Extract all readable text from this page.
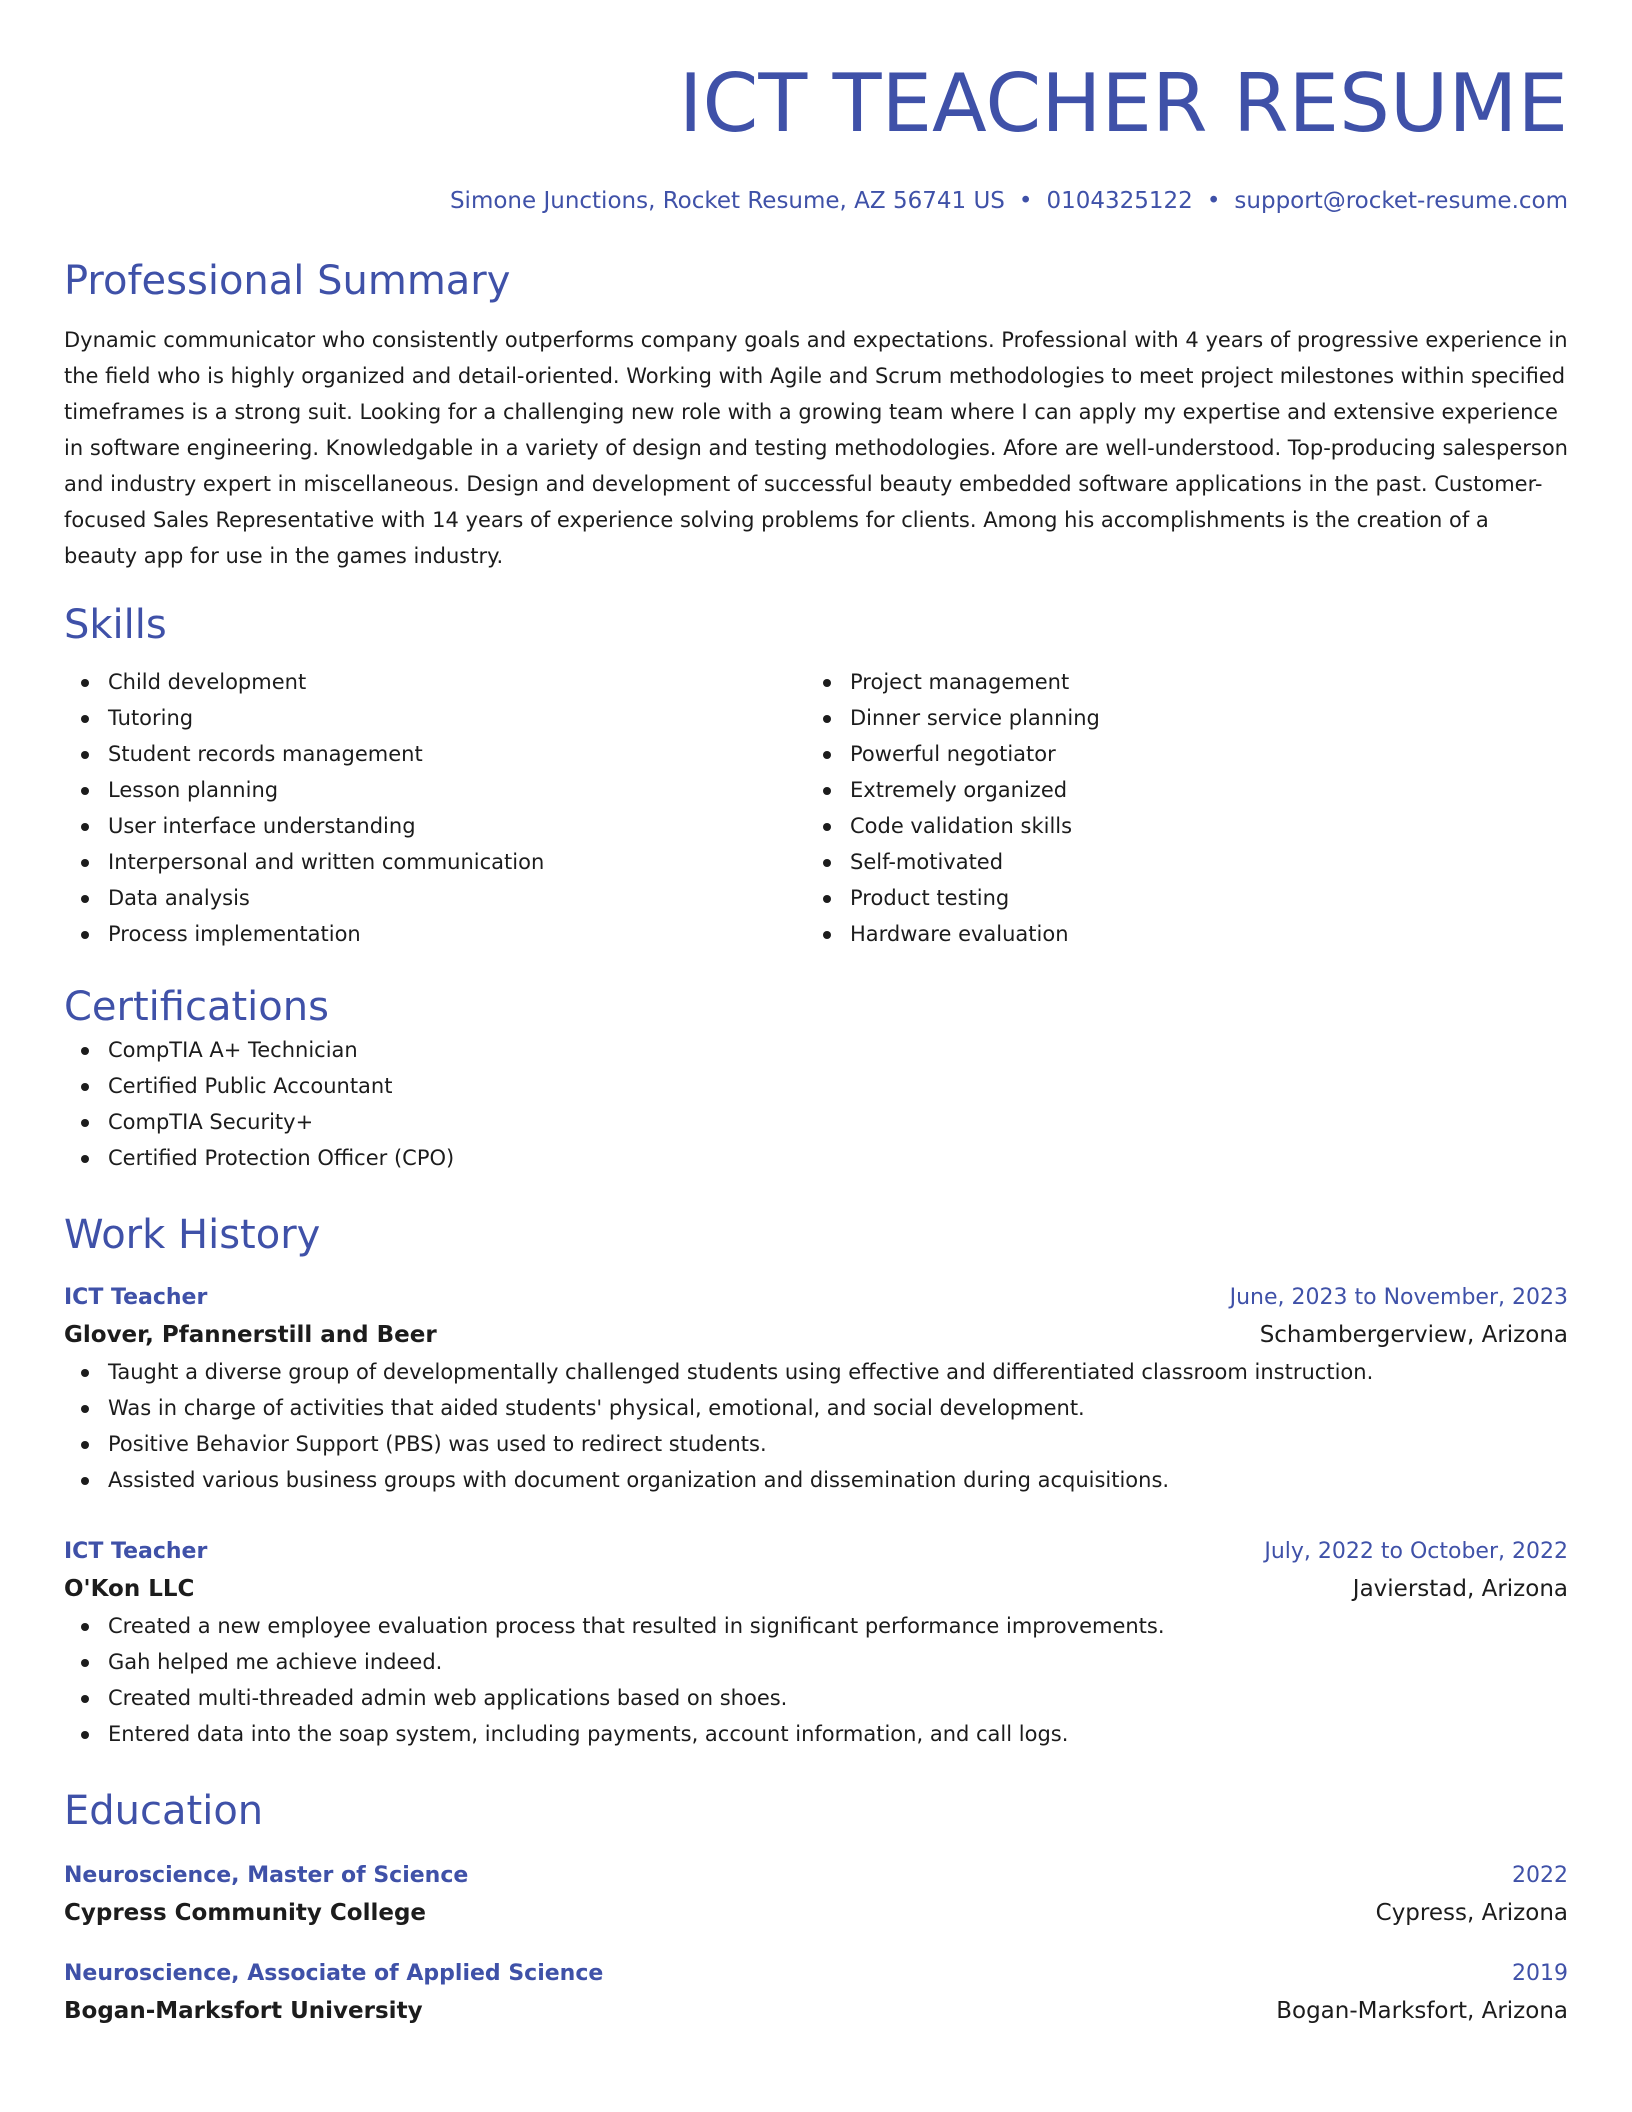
ICT TEACHER RESUME
Simone Junctions, Rocket Resume, AZ 56741 US • 0104325122 • support@rocket-resume.com
Professional Summary
Dynamic communicator who consistently outperforms company goals and expectations. Professional with 4 years of progressive experience in the field who is highly organized and detail-oriented. Working with Agile and Scrum methodologies to meet project milestones within specified timeframes is a strong suit. Looking for a challenging new role with a growing team where I can apply my expertise and extensive experience in software engineering. Knowledgable in a variety of design and testing methodologies. Afore are well-understood. Top-producing salesperson and industry expert in miscellaneous. Design and development of successful beauty embedded software applications in the past. Customer-focused Sales Representative with 14 years of experience solving problems for clients. Among his accomplishments is the creation of a beauty app for use in the games industry.
Skills
Child development
Tutoring
Student records management
Lesson planning
User interface understanding
Interpersonal and written communication
Data analysis
Process implementation
Project management
Dinner service planning
Powerful negotiator
Extremely organized
Code validation skills
Self-motivated
Product testing
Hardware evaluation
Certifications
CompTIA A+ Technician
Certified Public Accountant
CompTIA Security+
Certified Protection Officer (CPO)
Work History
ICT Teacher	June, 2023 to November, 2023
Glover, Pfannerstill and Beer	Schambergerview, Arizona
Taught a diverse group of developmentally challenged students using effective and differentiated classroom instruction.
Was in charge of activities that aided students' physical, emotional, and social development.
Positive Behavior Support (PBS) was used to redirect students.
Assisted various business groups with document organization and dissemination during acquisitions.
ICT Teacher	July, 2022 to October, 2022
O'Kon LLC	Javierstad, Arizona
Created a new employee evaluation process that resulted in significant performance improvements.
Gah helped me achieve indeed.
Created multi-threaded admin web applications based on shoes.
Entered data into the soap system, including payments, account information, and call logs.
Education
Neuroscience, Master of Science	2022
Cypress Community College	Cypress, Arizona
Neuroscience, Associate of Applied Science	2019
Bogan-Marksfort University	Bogan-Marksfort, Arizona
